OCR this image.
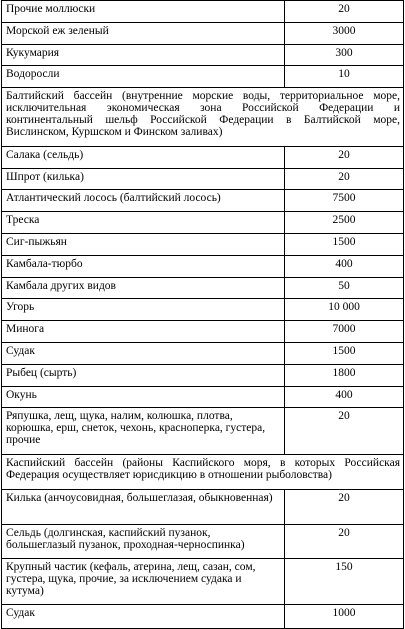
Прочие моллюски	20
Морской еж зеленый	3000
Кукумария	300
Водоросли	10
Балтийский бассейн (внутренние морские воды, территориальное море, исключительная экономическая зона Российской Федерации и континентальный шельф Российской Федерации в Балтийской море, Вислинском, Куршском и Финском заливах)	
Салака (сельдь)	20
Шпрот (килька)	20
Атлантический лосось (балтийский лосось)	7500
Треска	2500
Сиг-пыжьян	1500
Камбала-тюрбо	400
Камбала других видов	50
Угорь	10 000
Минога	7000
Судак	1500
Рыбец (сырть)	1800
Окунь	400
Ряпушка, лещ, щука, налим, колюшка, плотва, корюшка, ерш, снеток, чехонь, красноперка, густера, прочие	20
Каспийский бассейн (районы Каспийского моря, в которых Российская Федерация осуществляет юрисдикцию в отношении рыболовства)	
Килька (анчоусовидная, большеглазая, обыкновенная)	20
Сельдь (долгинская, каспийский пузанок, большеглазый пузанок, проходная-черноспинка)	20
Крупный частик (кефаль, атерина, лещ, сазан, сом, густера, щука, прочие, за исключением судака и кутума)	150
Судак	1000
